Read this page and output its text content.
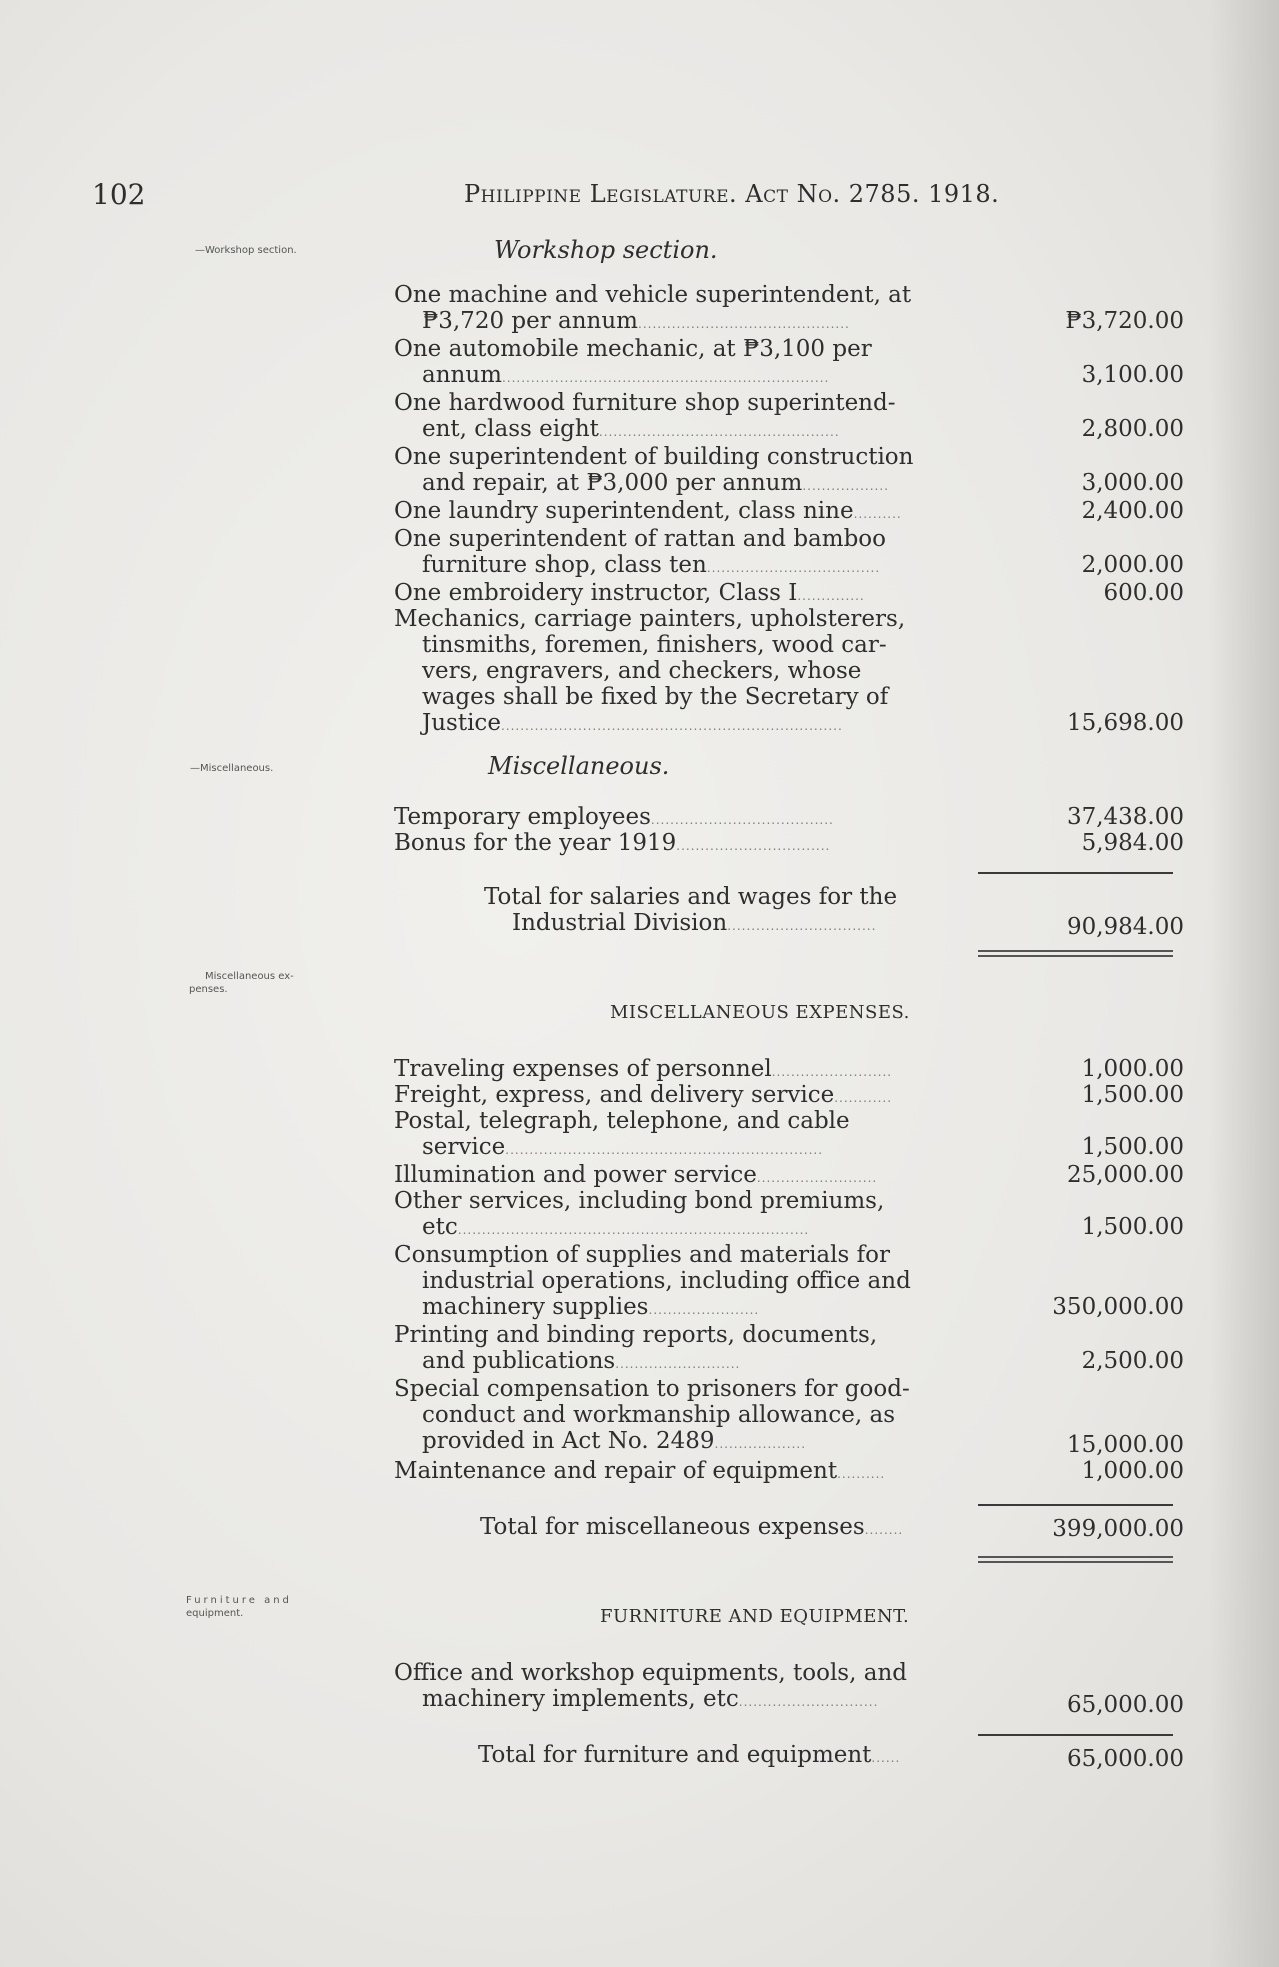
102	Philippine Legislature. Act No. 2785. 1918.
—Workshop section.	Workshop section.
One machine and vehicle superintendent, at
₱3,720 per annum............................................	₱3,720.00
One automobile mechanic, at ₱3,100 per
annum....................................................................	3,100.00
One hardwood furniture shop superintend-
ent, class eight..................................................	2,800.00
One superintendent of building construction
and repair, at ₱3,000 per annum..................	3,000.00
One laundry superintendent, class nine..........	2,400.00
One superintendent of rattan and bamboo
furniture shop, class ten....................................	2,000.00
One embroidery instructor, Class I..............	600.00
Mechanics, carriage painters, upholsterers,
tinsmiths, foremen, finishers, wood car-
vers, engravers, and checkers, whose
wages shall be fixed by the Secretary of
Justice.......................................................................	15,698.00
—Miscellaneous.	Miscellaneous.
Temporary employees......................................	37,438.00
Bonus for the year 1919................................	5,984.00
Total for salaries and wages for the
Industrial Division...............................	90,984.00
Miscellaneous ex-
penses.
MISCELLANEOUS EXPENSES.
Traveling expenses of personnel.........................	1,000.00
Freight, express, and delivery service............	1,500.00
Postal, telegraph, telephone, and cable
service..................................................................	1,500.00
Illumination and power service.........................	25,000.00
Other services, including bond premiums,
etc.........................................................................	1,500.00
Consumption of supplies and materials for
industrial operations, including office and
machinery supplies.......................	350,000.00
Printing and binding reports, documents,
and publications..........................	2,500.00
Special compensation to prisoners for good-
conduct and workmanship allowance, as
provided in Act No. 2489...................	15,000.00
Maintenance and repair of equipment..........	1,000.00
Total for miscellaneous expenses........	399,000.00
Furniture and
equipment.	FURNITURE AND EQUIPMENT.
Office and workshop equipments, tools, and
machinery implements, etc.............................	65,000.00
Total for furniture and equipment......	65,000.00
